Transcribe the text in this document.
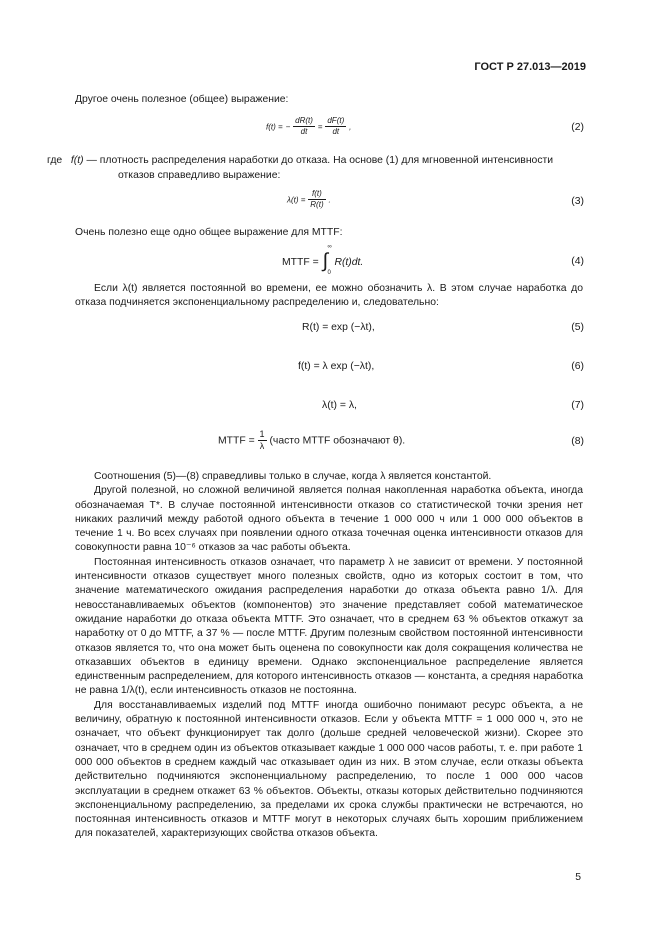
ГОСТ Р 27.013—2019

Другое очень полезное (общее) выражение:

f(t) = − $\frac{dR(t)}{dt} = \frac{dF(t)}{dt}$ ,	(2)
где f(t) — плотность распределения наработки до отказа. На основе (1) для мгновенной интенсивности

отказов справедливо выражение:

$\lambda(t) = \frac{f(t)}{R(t)}$ .	(3)

Очень полезно еще одно общее выражение для MTTF:

MTTF = ∫
∞
0
R(t)dt.	(4)

Если λ(t) является постоянной во времени, ее можно обозначить λ. В этом случае наработка до отказа подчиняется экспоненциальному распределению и, следовательно:

R(t) = exp (−λt),	(5)
f(t) = λ exp (−λt),	(6)
λ(t) = λ,	(7)
MTTF = $\frac{1}{\lambda}$ (часто MTTF обозначают θ).	(8)

Соотношения (5)—(8) справедливы только в случае, когда λ является константой.

Другой полезной, но сложной величиной является полная накопленная наработка объекта, иногда обозначаемая T*. В случае постоянной интенсивности отказов со статистической точки зрения нет никаких различий между работой одного объекта в течение 1 000 000 ч или 1 000 000 объектов в течение 1 ч. Во всех случаях при появлении одного отказа точечная оценка интенсивности отказов для совокупности равна 10⁻⁶ отказов за час работы объекта.

Постоянная интенсивность отказов означает, что параметр λ не зависит от времени. У постоянной интенсивности отказов существует много полезных свойств, одно из которых состоит в том, что значение математического ожидания распределения наработки до отказа объекта равно 1/λ. Для невосстанавливаемых объектов (компонентов) это значение представляет собой математическое ожидание наработки до отказа объекта MTTF. Это означает, что в среднем 63 % объектов откажут за наработку от 0 до MTTF, а 37 % — после MTTF. Другим полезным свойством постоянной интенсивности отказов является то, что она может быть оценена по совокупности как доля сокращения количества не отказавших объектов в единицу времени. Однако экспоненциальное распределение является единственным распределением, для которого интенсивность отказов — константа, а средняя наработка не равна 1/λ(t), если интенсивность отказов не постоянна.

Для восстанавливаемых изделий под MTTF иногда ошибочно понимают ресурс объекта, а не величину, обратную к постоянной интенсивности отказов. Если у объекта MTTF = 1 000 000 ч, это не означает, что объект функционирует так долго (дольше средней человеческой жизни). Скорее это означает, что в среднем один из объектов отказывает каждые 1 000 000 часов работы, т. е. при работе 1 000 000 объектов в среднем каждый час отказывает один из них. В этом случае, если отказы объекта действительно подчиняются экспоненциальному распределению, то после 1 000 000 часов эксплуатации в среднем откажет 63 % объектов. Объекты, отказы которых действительно подчиняются экспоненциальному распределению, за пределами их срока службы практически не встречаются, но постоянная интенсивность отказов и MTTF могут в некоторых случаях быть хорошим приближением для показателей, характеризующих свойства отказов объекта.

5
